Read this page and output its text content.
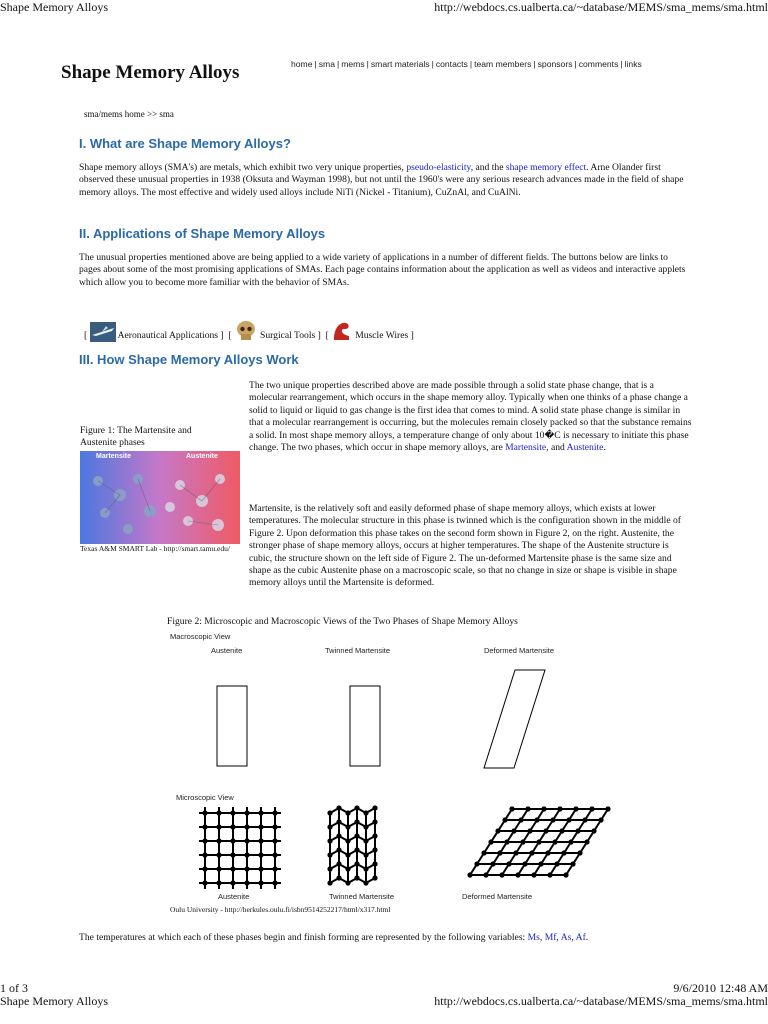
Shape Memory Alloys	http://webdocs.cs.ualberta.ca/~database/MEMS/sma_mems/sma.html
Shape Memory Alloys	home | sma | mems | smart materials | contacts | team members | sponsors | comments | links
sma/mems home >> sma
I. What are Shape Memory Alloys?
Shape memory alloys (SMA's) are metals, which exhibit two very unique properties, pseudo-elasticity, and the shape memory effect. Arne Olander first observed these unusual properties in 1938 (Oksuta and Wayman 1998), but not until the 1960's were any serious research advances made in the field of shape memory alloys. The most effective and widely used alloys include NiTi (Nickel - Titanium), CuZnAl, and CuAlNi.
II. Applications of Shape Memory Alloys
The unusual properties mentioned above are being applied to a wide variety of applications in a number of different fields. The buttons below are links to pages about some of the most promising applications of SMAs. Each page contains information about the application as well as videos and interactive applets which allow you to become more familiar with the behavior of SMAs.
[	Aeronautical Applications ]  [	Surgical Tools ]  [	Muscle Wires ]
III. How Shape Memory Alloys Work
Figure 1: The Martensite and Austenite phases
Martensite	Austenite
Texas A&M SMART Lab - http://smart.tamu.edu/
The two unique properties described above are made possible through a solid state phase change, that is a molecular rearrangement, which occurs in the shape memory alloy. Typically when one thinks of a phase change a solid to liquid or liquid to gas change is the first idea that comes to mind. A solid state phase change is similar in that a molecular rearrangement is occurring, but the molecules remain closely packed so that the substance remains a solid. In most shape memory alloys, a temperature change of only about 10�C is necessary to initiate this phase change. The two phases, which occur in shape memory alloys, are Martensite, and Austenite.
Martensite, is the relatively soft and easily deformed phase of shape memory alloys, which exists at lower temperatures. The molecular structure in this phase is twinned which is the configuration shown in the middle of Figure 2. Upon deformation this phase takes on the second form shown in Figure 2, on the right. Austenite, the stronger phase of shape memory alloys, occurs at higher temperatures. The shape of the Austenite structure is cubic, the structure shown on the left side of Figure 2. The un-deformed Martensite phase is the same size and shape as the cubic Austenite phase on a macroscopic scale, so that no change in size or shape is visible in shape memory alloys until the Martensite is deformed.
Figure 2: Microscopic and Macroscopic Views of the Two Phases of Shape Memory Alloys
Macroscopic View
Austenite	Twinned Martensite	Deformed Martensite
Microscopic View
Austenite	Twinned Martensite	Deformed Martensite
Oulu University - http://herkules.oulu.fi/isbn9514252217/html/x317.html
The temperatures at which each of these phases begin and finish forming are represented by the following variables: Ms, Mf, As, Af.
1 of 3	9/6/2010 12:48 AM
Shape Memory Alloys	http://webdocs.cs.ualberta.ca/~database/MEMS/sma_mems/sma.html
